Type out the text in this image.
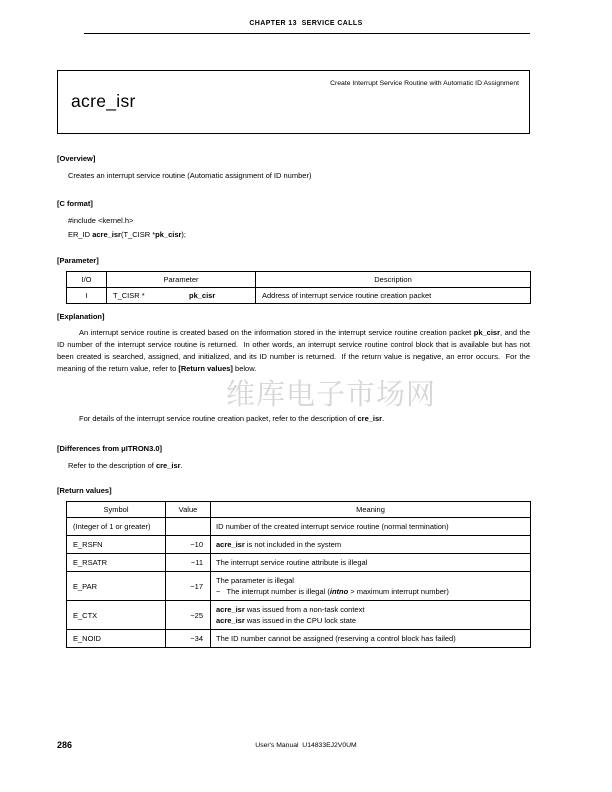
CHAPTER 13  SERVICE CALLS
Create Interrupt Service Routine with Automatic ID Assignment
acre_isr
[Overview]
Creates an interrupt service routine (Automatic assignment of ID number)
[C format]
#include <kernel.h>
ER_ID acre_isr(T_CISR *pk_cisr);
[Parameter]
I/O	Parameter	Description
I	T_CISR * pk_cisr	Address of interrupt service routine creation packet
[Explanation]

An interrupt service routine is created based on the information stored in the interrupt service routine creation packet pk_cisr, and the ID number of the interrupt service routine is returned.  In other words, an interrupt service routine control block that is available but has not been created is searched, assigned, and initialized, and its ID number is returned.  If the return value is negative, an error occurs.  For the meaning of the return value, refer to [Return values] below.

For details of the interrupt service routine creation packet, refer to the description of cre_isr.

[Differences from μITRON3.0]
Refer to the description of cre_isr.
[Return values]
Symbol	Value	Meaning
(Integer of 1 or greater)		ID number of the created interrupt service routine (normal termination)
E_RSFN	−10	acre_isr is not included in the system
E_RSATR	−11	The interrupt service routine attribute is illegal
E_PAR	−17	The parameter is illegal
−   The interrupt number is illegal (intno > maximum interrupt number)

E_CTX	−25	acre_isr was issued from a non-task context
acre_isr was issued in the CPU lock state

E_NOID	−34	The ID number cannot be assigned (reserving a control block has failed)
维库电子市场网
286	User's Manual  U14833EJ2V0UM
